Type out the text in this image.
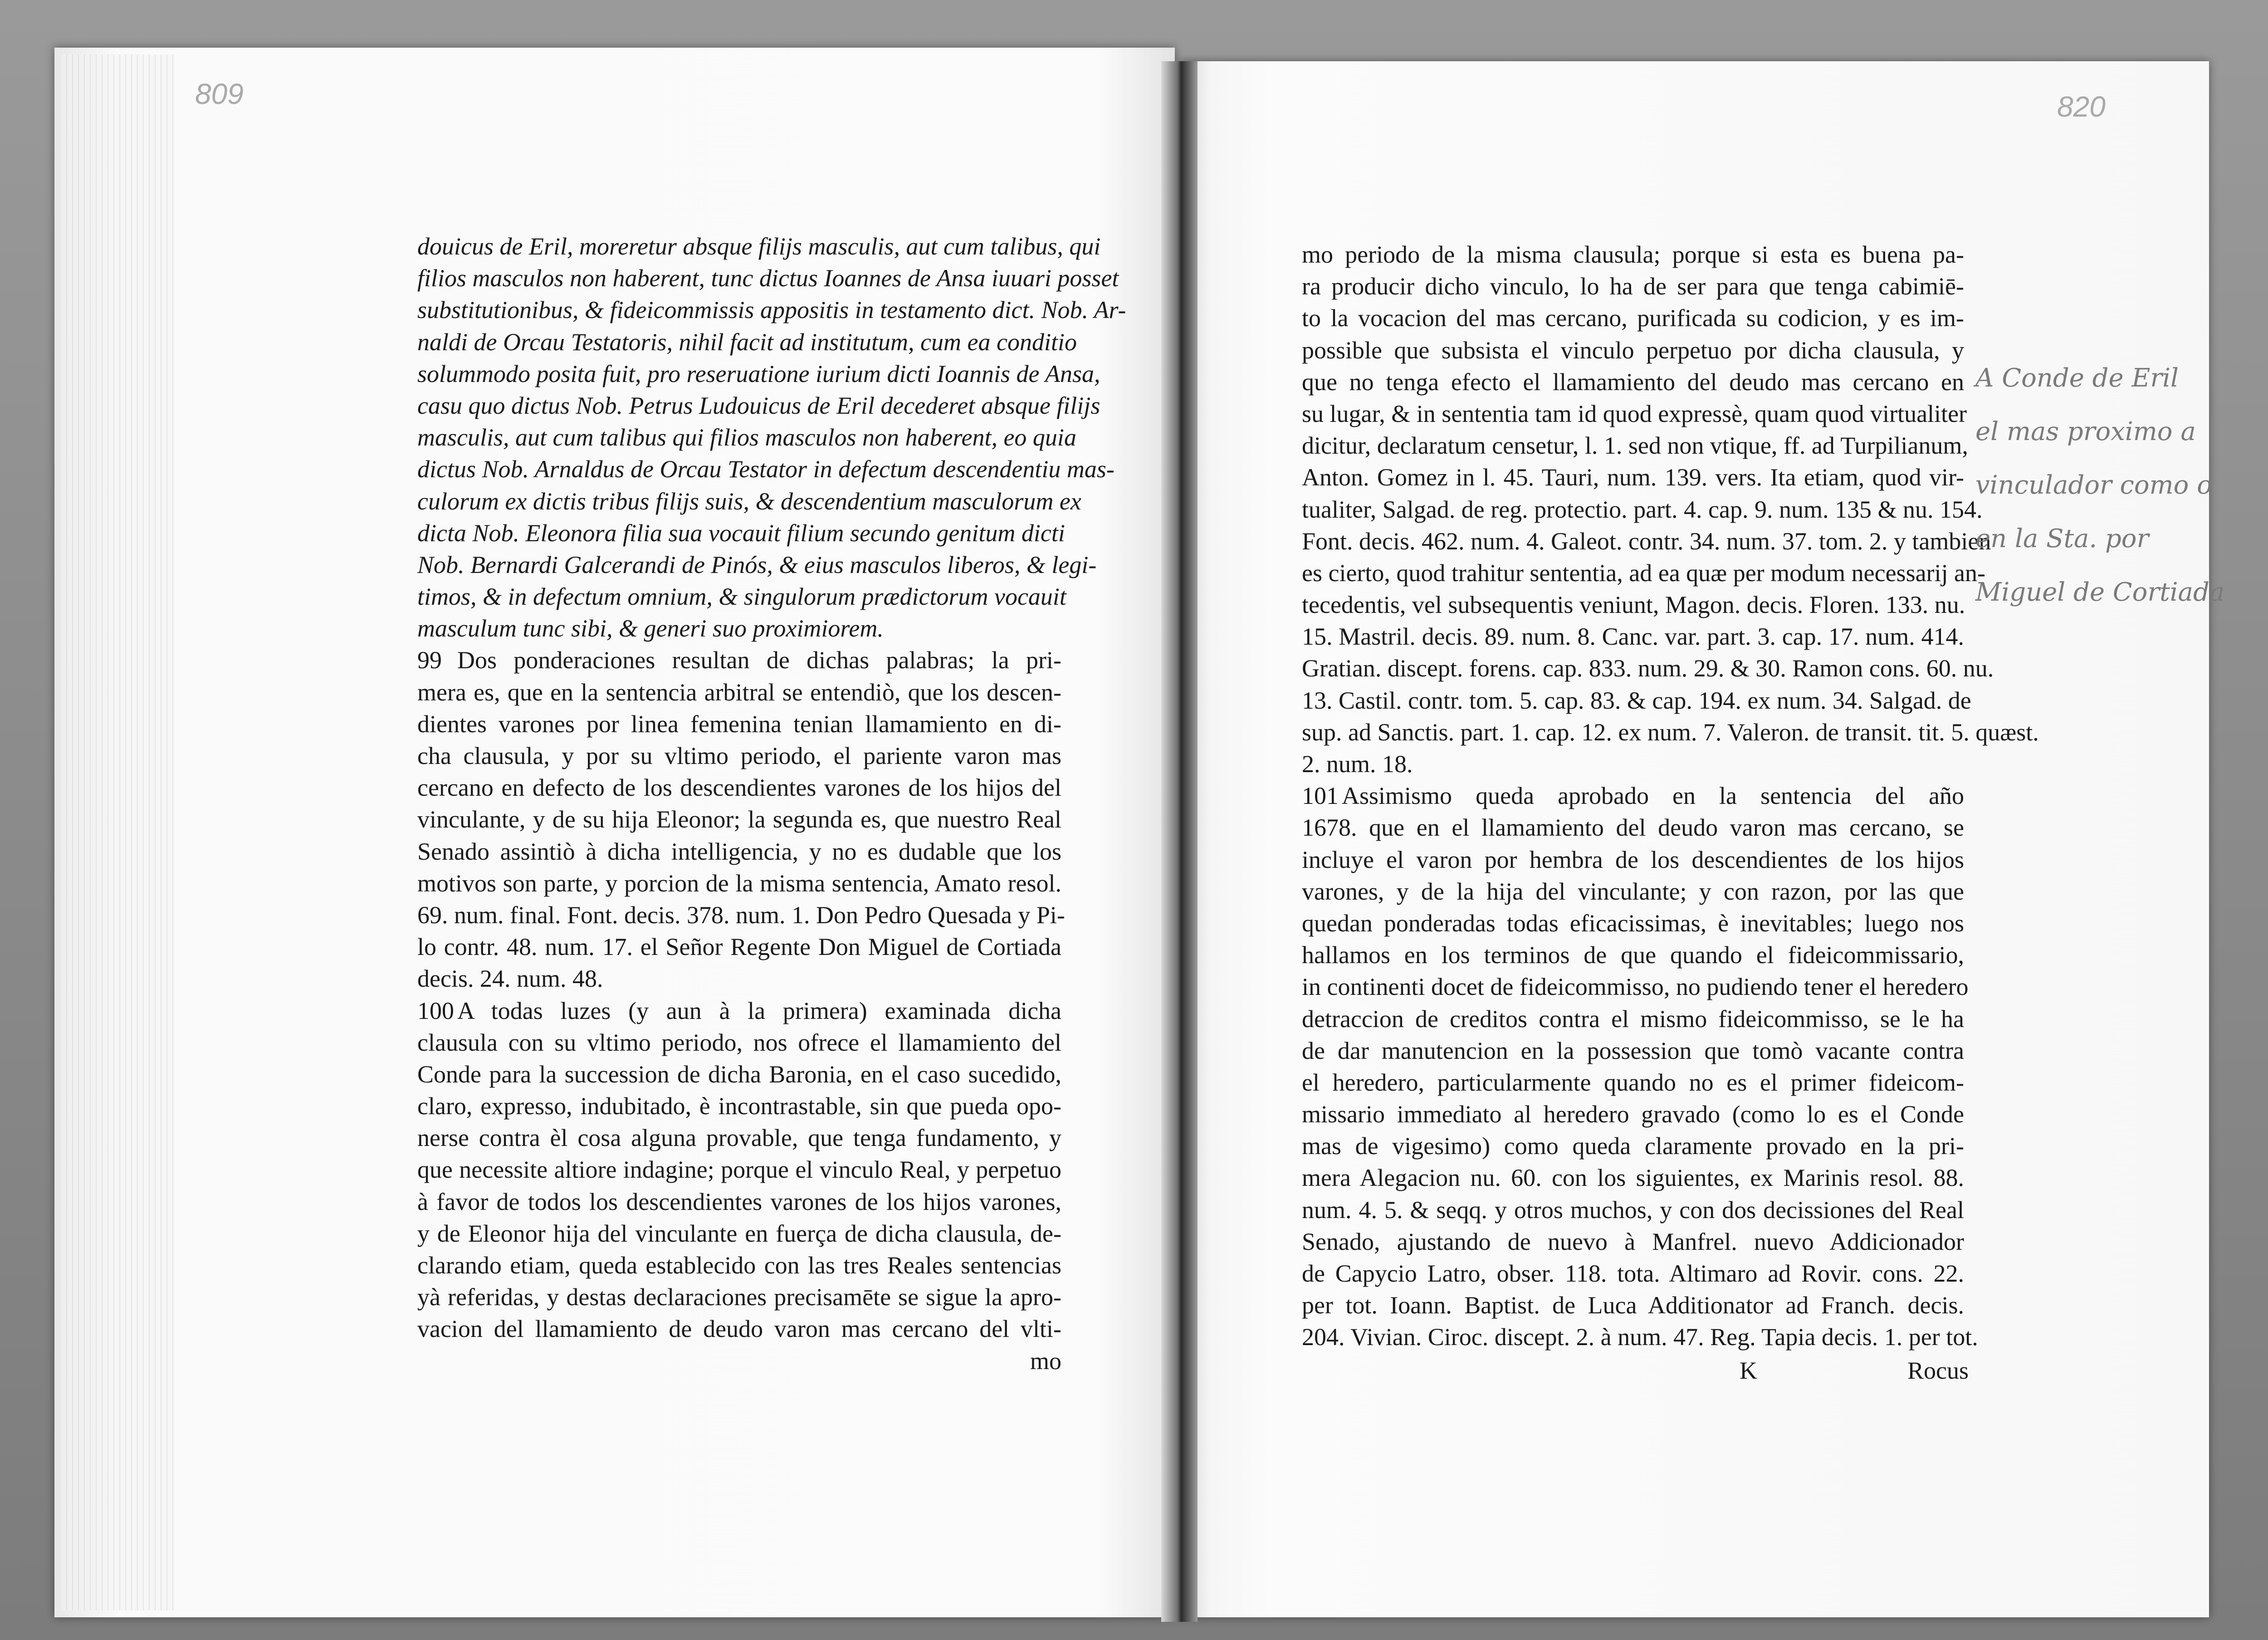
809	820
douicus de Eril, moreretur absque filijs masculis, aut cum talibus, qui
filios masculos non haberent, tunc dictus Ioannes de Ansa iuuari posset
substitutionibus, & fideicommissis appositis in testamento dict. Nob. Ar-
naldi de Orcau Testatoris, nihil facit ad institutum, cum ea conditio
solummodo posita fuit, pro reseruatione iurium dicti Ioannis de Ansa,
casu quo dictus Nob. Petrus Ludouicus de Eril decederet absque filijs
masculis, aut cum talibus qui filios masculos non haberent, eo quia
dictus Nob. Arnaldus de Orcau Testator in defectum descendentiu mas-
culorum ex dictis tribus filijs suis, & descendentium masculorum ex
dicta Nob. Eleonora filia sua vocauit filium secundo genitum dicti
Nob. Bernardi Galcerandi de Pinós, & eius masculos liberos, & legi-
timos, & in defectum omnium, & singulorum prædictorum vocauit
masculum tunc sibi, & generi suo proximiorem.
99 Dos ponderaciones resultan de dichas palabras; la pri-
mera es, que en la sentencia arbitral se entendiò, que los descen-
dientes varones por linea femenina tenian llamamiento en di-
cha clausula, y por su vltimo periodo, el pariente varon mas
cercano en defecto de los descendientes varones de los hijos del
vinculante, y de su hija Eleonor; la segunda es, que nuestro Real
Senado assintiò à dicha intelligencia, y no es dudable que los
motivos son parte, y porcion de la misma sentencia, Amato resol.
69. num. final. Font. decis. 378. num. 1. Don Pedro Quesada y Pi-
lo contr. 48. num. 17. el Señor Regente Don Miguel de Cortiada
decis. 24. num. 48.
100 A todas luzes (y aun à la primera) examinada dicha
clausula con su vltimo periodo, nos ofrece el llamamiento del
Conde para la succession de dicha Baronia, en el caso sucedido,
claro, expresso, indubitado, è incontrastable, sin que pueda opo-
nerse contra èl cosa alguna provable, que tenga fundamento, y
que necessite altiore indagine; porque el vinculo Real, y perpetuo
à favor de todos los descendientes varones de los hijos varones,
y de Eleonor hija del vinculante en fuerça de dicha clausula, de-
clarando etiam, queda establecido con las tres Reales sentencias
yà referidas, y destas declaraciones precisamēte se sigue la apro-
vacion del llamamiento de deudo varon mas cercano del vlti-
mo
mo periodo de la misma clausula; porque si esta es buena pa-
ra producir dicho vinculo, lo ha de ser para que tenga cabimiē-
to la vocacion del mas cercano, purificada su codicion, y es im-
possible que subsista el vinculo perpetuo por dicha clausula, y
que no tenga efecto el llamamiento del deudo mas cercano en
su lugar, & in sententia tam id quod expressè, quam quod virtualiter
dicitur, declaratum censetur, l. 1. sed non vtique, ff. ad Turpilianum,
Anton. Gomez in l. 45. Tauri, num. 139. vers. Ita etiam, quod vir-
tualiter, Salgad. de reg. protectio. part. 4. cap. 9. num. 135 & nu. 154.
Font. decis. 462. num. 4. Galeot. contr. 34. num. 37. tom. 2. y tambien
es cierto, quod trahitur sententia, ad ea quæ per modum necessarij an-
tecedentis, vel subsequentis veniunt, Magon. decis. Floren. 133. nu.
15. Mastril. decis. 89. num. 8. Canc. var. part. 3. cap. 17. num. 414.
Gratian. discept. forens. cap. 833. num. 29. & 30. Ramon cons. 60. nu.
13. Castil. contr. tom. 5. cap. 83. & cap. 194. ex num. 34. Salgad. de
sup. ad Sanctis. part. 1. cap. 12. ex num. 7. Valeron. de transit. tit. 5. quæst.
2. num. 18.
101 Assimismo queda aprobado en la sentencia del año
1678. que en el llamamiento del deudo varon mas cercano, se
incluye el varon por hembra de los descendientes de los hijos
varones, y de la hija del vinculante; y con razon, por las que
quedan ponderadas todas eficacissimas, è inevitables; luego nos
hallamos en los terminos de que quando el fideicommissario,
in continenti docet de fideicommisso, no pudiendo tener el heredero
detraccion de creditos contra el mismo fideicommisso, se le ha
de dar manutencion en la possession que tomò vacante contra
el heredero, particularmente quando no es el primer fideicom-
missario immediato al heredero gravado (como lo es el Conde
mas de vigesimo) como queda claramente provado en la pri-
mera Alegacion nu. 60. con los siguientes, ex Marinis resol. 88.
num. 4. 5. & seqq. y otros muchos, y con dos decissiones del Real
Senado, ajustando de nuevo à Manfrel. nuevo Addicionador
de Capycio Latro, obser. 118. tota. Altimaro ad Rovir. cons. 22.
per tot. Ioann. Baptist. de Luca Additionator ad Franch. decis.
204. Vivian. Ciroc. discept. 2. à num. 47. Reg. Tapia decis. 1. per tot.
K	Rocus
A Conde de Eril
el mas proximo a
vinculador como o
en la Sta. por
Miguel de Cortiada
